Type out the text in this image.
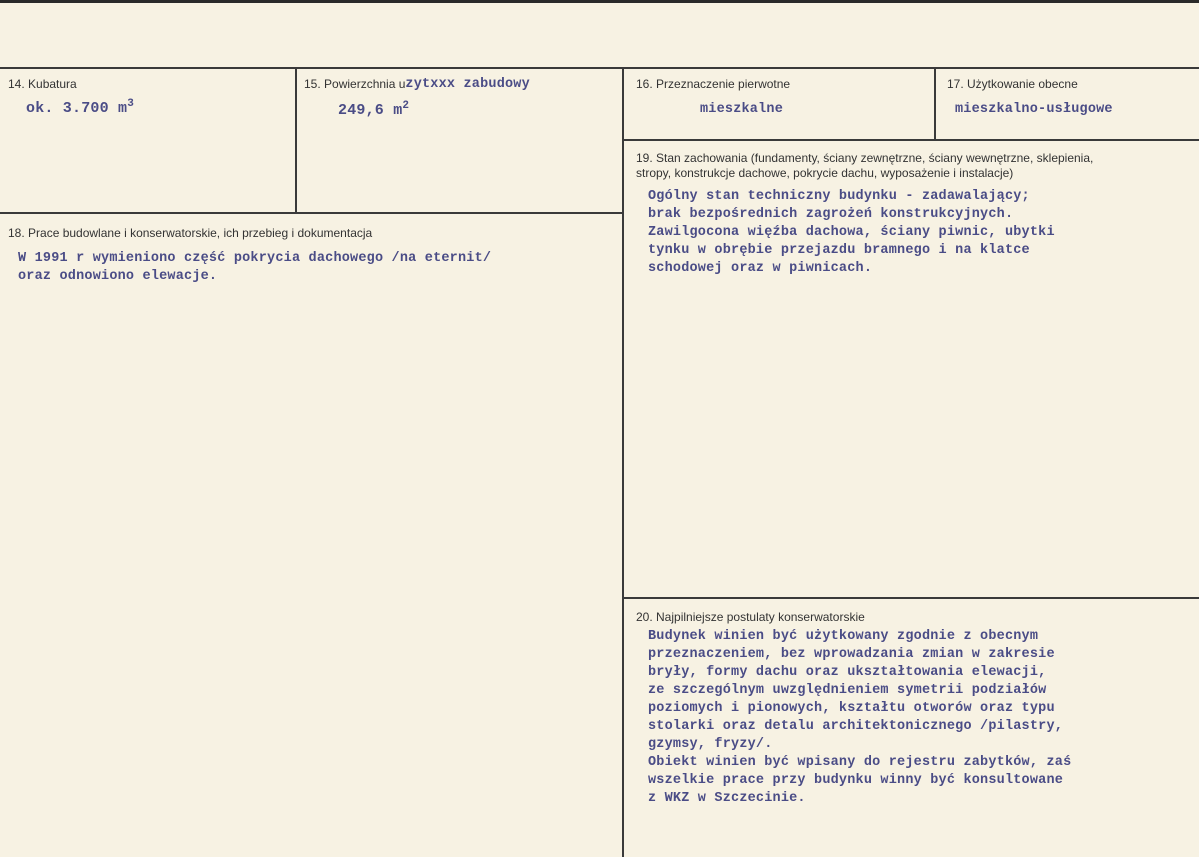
14. Kubatura
ok. 3.700 $m^3$
15. Powierzchnia uzytxxx zabudowy
249,6 $m^2$
16. Przeznaczenie pierwotne
mieszkalne
17. Użytkowanie obecne
mieszkalno-usługowe
18. Prace budowlane i konserwatorskie, ich przebieg i dokumentacja
W 1991 r wymieniono część pokrycia dachowego /na eternit/
oraz odnowiono elewacje.
19. Stan zachowania (fundamenty, ściany zewnętrzne, ściany wewnętrzne, sklepienia,
stropy, konstrukcje dachowe, pokrycie dachu, wyposażenie i instalacje)
Ogólny stan techniczny budynku - zadawalający;
brak bezpośrednich zagrożeń konstrukcyjnych.
Zawilgocona więźba dachowa, ściany piwnic, ubytki
tynku w obrębie przejazdu bramnego i na klatce
schodowej oraz w piwnicach.
20. Najpilniejsze postulaty konserwatorskie
Budynek winien być użytkowany zgodnie z obecnym
przeznaczeniem, bez wprowadzania zmian w zakresie
bryły, formy dachu oraz ukształtowania elewacji,
ze szczególnym uwzględnieniem symetrii podziałów
poziomych i pionowych, kształtu otworów oraz typu
stolarki oraz detalu architektonicznego /pilastry,
gzymsy, fryzy/.
Obiekt winien być wpisany do rejestru zabytków, zaś
wszelkie prace przy budynku winny być konsultowane
z WKZ w Szczecinie.
